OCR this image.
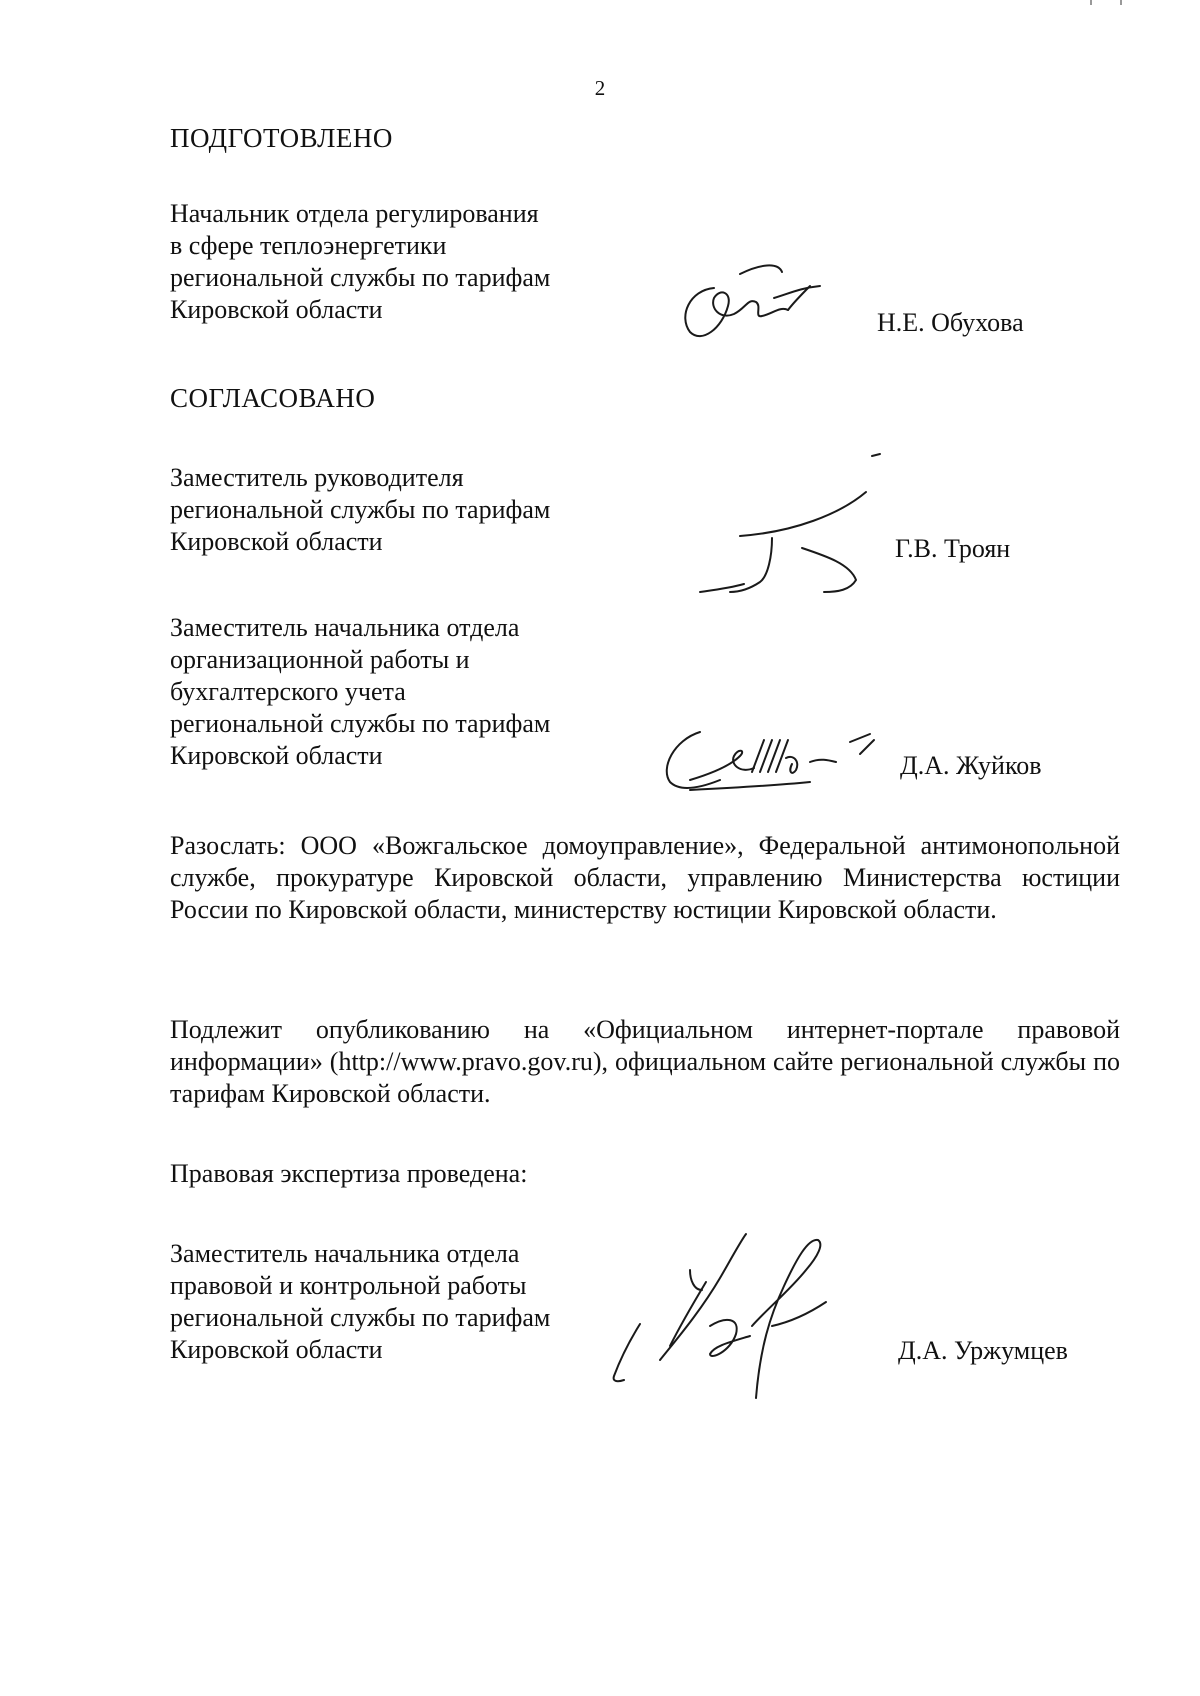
2
ПОДГОТОВЛЕНО
Начальник отдела регулирования
в сфере теплоэнергетики
региональной службы по тарифам
Кировской области	Н.Е. Обухова
СОГЛАСОВАНО
Заместитель руководителя
региональной службы по тарифам
Кировской области	Г.В. Троян
Заместитель начальника отдела
организационной работы и
бухгалтерского учета
региональной службы по тарифам
Кировской области	Д.А. Жуйков
Разослать: ООО «Вожгальское домоуправление», Федеральной антимонопольной службе, прокуратуре Кировской области, управлению Министерства юстиции России по Кировской области, министерству юстиции Кировской области.
Подлежит опубликованию на «Официальном интернет-портале правовой информации» (http://www.pravo.gov.ru), официальном сайте региональной службы по тарифам Кировской области.
Правовая экспертиза проведена:
Заместитель начальника отдела
правовой и контрольной работы
региональной службы по тарифам
Кировской области	Д.А. Уржумцев
